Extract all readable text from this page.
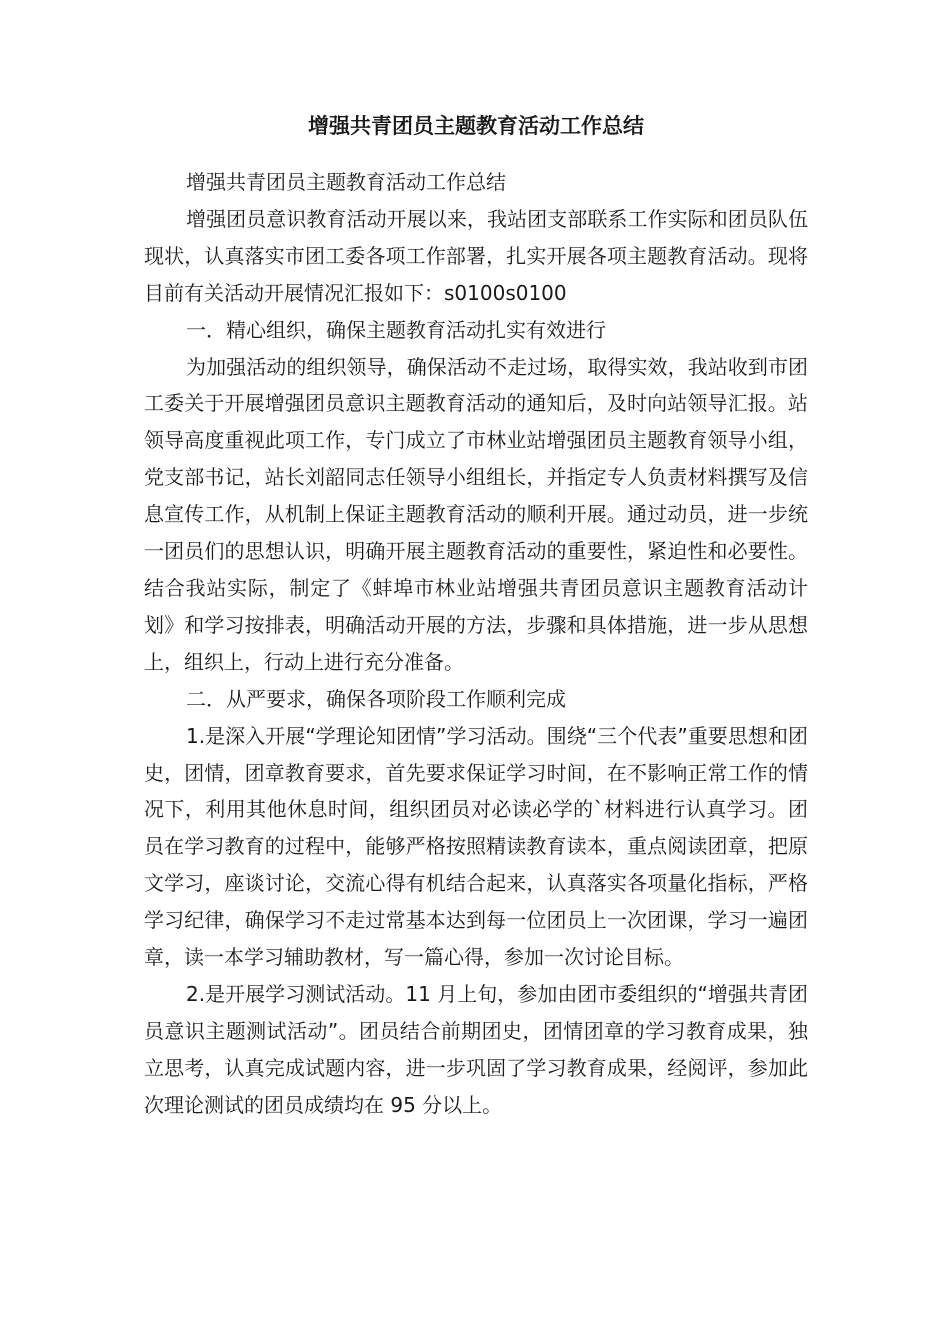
增强共青团员主题教育活动工作总结

增强共青团员主题教育活动工作总结

增强团员意识教育活动开展以来，我站团支部联系工作实际和团员队伍现状，认真落实市团工委各项工作部署，扎实开展各项主题教育活动。现将目前有关活动开展情况汇报如下：s0100s0100

一．精心组织，确保主题教育活动扎实有效进行

为加强活动的组织领导，确保活动不走过场，取得实效，我站收到市团工委关于开展增强团员意识主题教育活动的通知后，及时向站领导汇报。站领导高度重视此项工作，专门成立了市林业站增强团员主题教育领导小组，党支部书记，站长刘韶同志任领导小组组长，并指定专人负责材料撰写及信息宣传工作，从机制上保证主题教育活动的顺利开展。通过动员，进一步统一团员们的思想认识，明确开展主题教育活动的重要性，紧迫性和必要性。结合我站实际，制定了《蚌埠市林业站增强共青团员意识主题教育活动计划》和学习按排表，明确活动开展的方法，步骤和具体措施，进一步从思想上，组织上，行动上进行充分准备。

二．从严要求，确保各项阶段工作顺利完成

1.是深入开展“学理论知团情”学习活动。围绕“三个代表”重要思想和团史，团情，团章教育要求，首先要求保证学习时间，在不影响正常工作的情况下，利用其他休息时间，组织团员对必读必学的`材料进行认真学习。团员在学习教育的过程中，能够严格按照精读教育读本，重点阅读团章，把原文学习，座谈讨论，交流心得有机结合起来，认真落实各项量化指标，严格学习纪律，确保学习不走过常基本达到每一位团员上一次团课，学习一遍团章，读一本学习辅助教材，写一篇心得，参加一次讨论目标。

2.是开展学习测试活动。11 月上旬，参加由团市委组织的“增强共青团员意识主题测试活动”。团员结合前期团史，团情团章的学习教育成果，独立思考，认真完成试题内容，进一步巩固了学习教育成果，经阅评，参加此次理论测试的团员成绩均在 95 分以上。
